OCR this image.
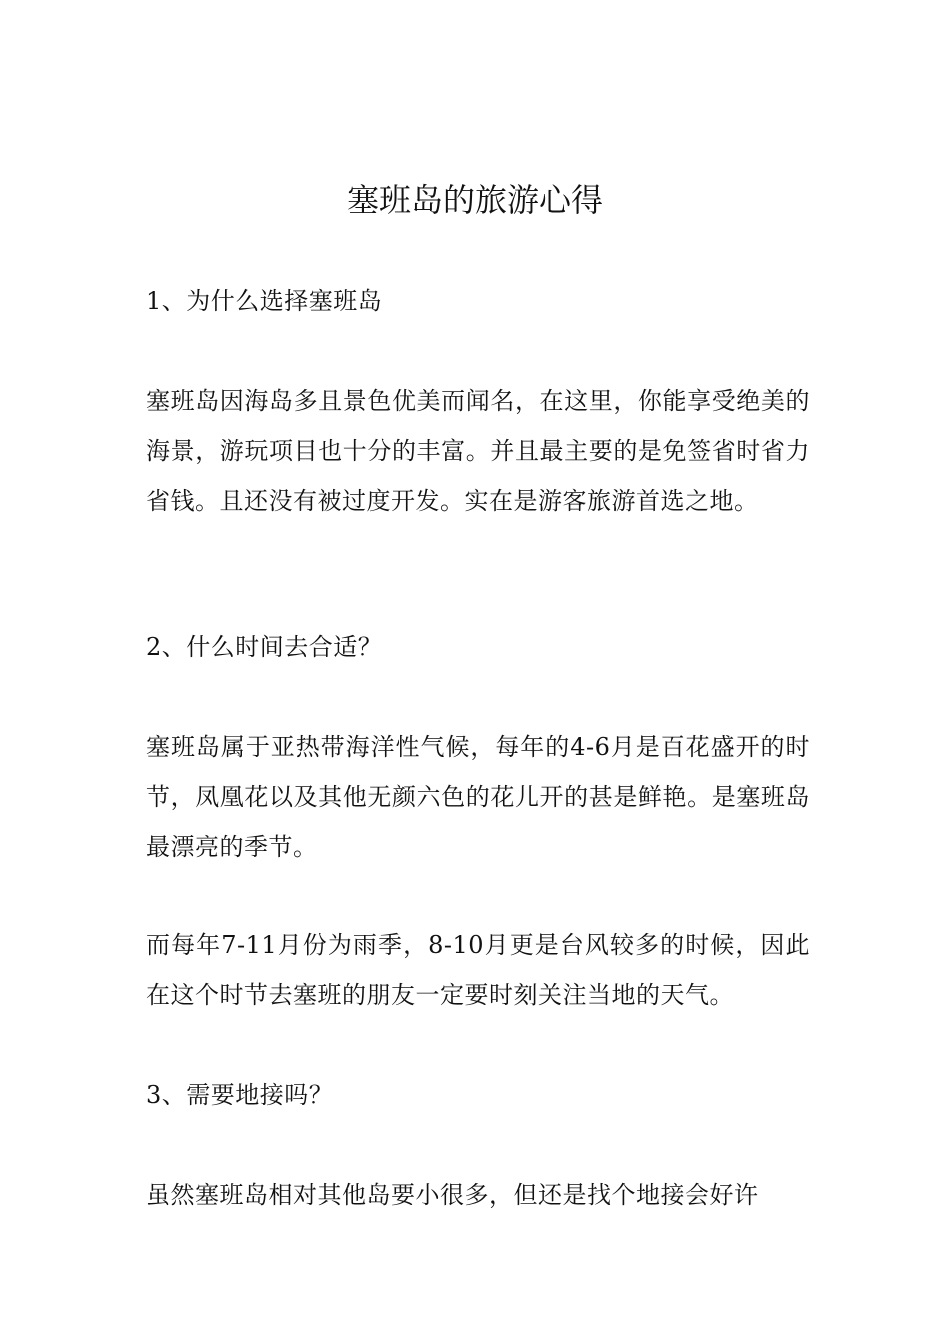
塞班岛的旅游心得

1、为什么选择塞班岛

塞班岛因海岛多且景色优美而闻名，在这里，你能享受绝美的海景，游玩项目也十分的丰富。并且最主要的是免签省时省力省钱。且还没有被过度开发。实在是游客旅游首选之地。

2、什么时间去合适？

塞班岛属于亚热带海洋性气候，每年的4-6月是百花盛开的时节，凤凰花以及其他无颜六色的花儿开的甚是鲜艳。是塞班岛最漂亮的季节。

而每年7-11月份为雨季，8-10月更是台风较多的时候，因此在这个时节去塞班的朋友一定要时刻关注当地的天气。

3、需要地接吗？

虽然塞班岛相对其他岛要小很多，但还是找个地接会好许
